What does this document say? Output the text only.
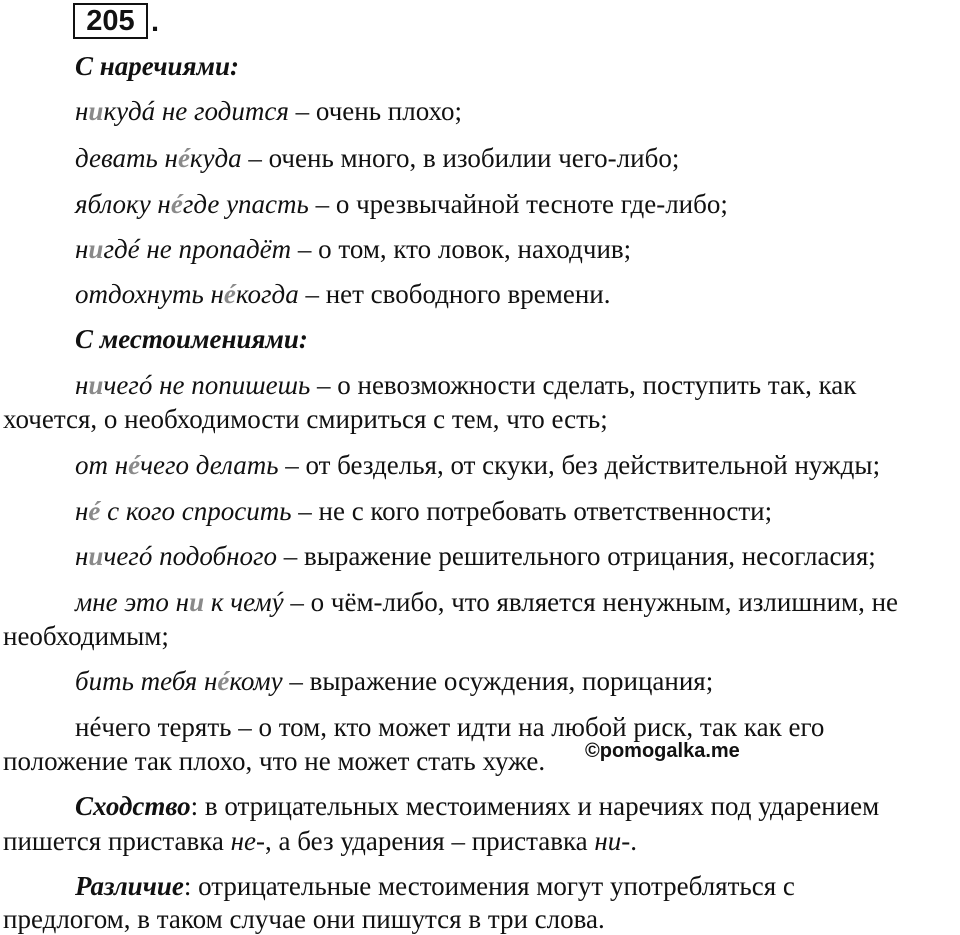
205 .
С наречиями:
никудá не годится – очень плохо;
девать нéкуда – очень много, в изобилии чего-либо;
яблоку нéгде упасть – о чрезвычайной тесноте где-либо;
нигдé не пропадёт – о том, кто ловок, находчив;
отдохнуть нéкогда – нет свободного времени.
С местоимениями:
ничегó не попишешь – о невозможности сделать, поступить так, как
хочется, о необходимости смириться с тем, что есть;
от нéчего делать – от безделья, от скуки, без действительной нужды;
нé с кого спросить – не с кого потребовать ответственности;
ничегó подобного – выражение решительного отрицания, несогласия;
мне это ни к чемý – о чём-либо, что является ненужным, излишним, не
необходимым;
бить тебя нéкому – выражение осуждения, порицания;
нéчего терять – о том, кто может идти на любой риск, так как его
положение так плохо, что не может стать хуже. ©pomogalka.me
Сходство: в отрицательных местоимениях и наречиях под ударением
пишется приставка не-, а без ударения – приставка ни-.
Различие: отрицательные местоимения могут употребляться с
предлогом, в таком случае они пишутся в три слова.
